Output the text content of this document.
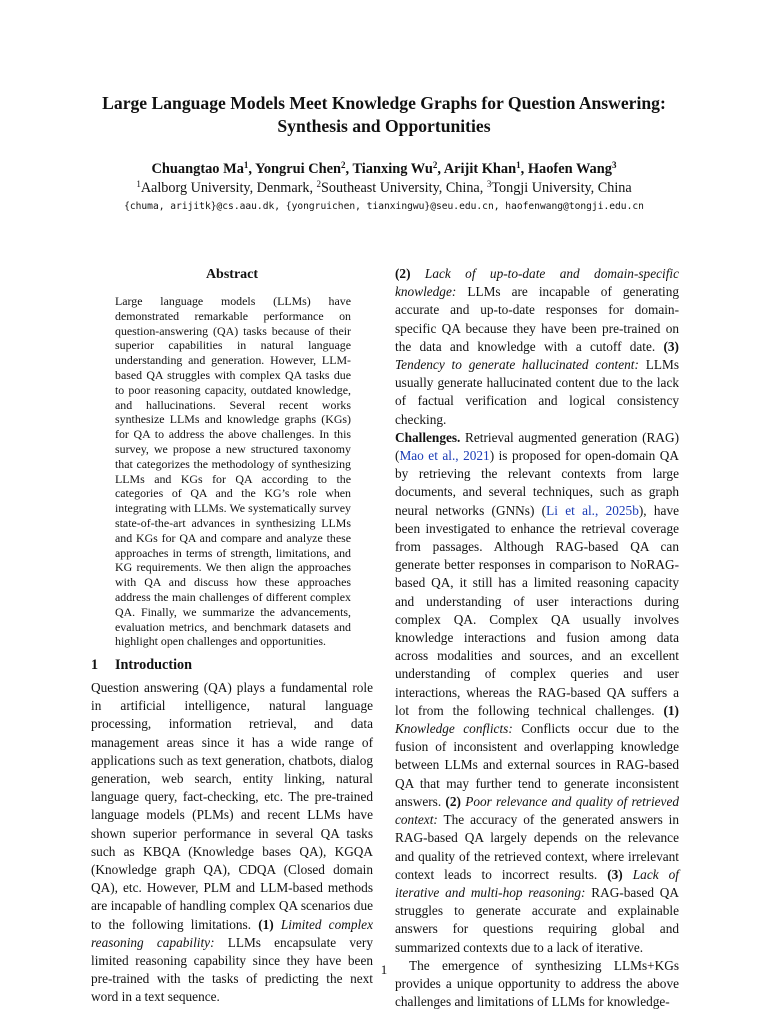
Large Language Models Meet Knowledge Graphs for Question Answering:
Synthesis and Opportunities
Chuangtao Ma$^1$, Yongrui Chen$^2$, Tianxing Wu$^2$, Arijit Khan$^1$, Haofen Wang$^3$
$^1$Aalborg University, Denmark, $^2$Southeast University, China, $^3$Tongji University, China
{chuma, arijitk}@cs.aau.dk, {yongruichen, tianxingwu}@seu.edu.cn, haofenwang@tongji.edu.cn
Abstract
Large language models (LLMs) have demonstrated remarkable performance on question-answering (QA) tasks because of their superior capabilities in natural language understanding and generation. However, LLM-based QA struggles with complex QA tasks due to poor reasoning capacity, outdated knowledge, and hallucinations. Several recent works synthesize LLMs and knowledge graphs (KGs) for QA to address the above challenges. In this survey, we propose a new structured taxonomy that categorizes the methodology of synthesizing LLMs and KGs for QA according to the categories of QA and the KG’s role when integrating with LLMs. We systematically survey state-of-the-art advances in synthesizing LLMs and KGs for QA and compare and analyze these approaches in terms of strength, limitations, and KG requirements. We then align the approaches with QA and discuss how these approaches address the main challenges of different complex QA. Finally, we summarize the advancements, evaluation metrics, and benchmark datasets and highlight open challenges and opportunities.
1 Introduction

Question answering (QA) plays a fundamental role in artificial intelligence, natural language processing, information retrieval, and data management areas since it has a wide range of applications such as text generation, chatbots, dialog generation, web search, entity linking, natural language query, fact-checking, etc. The pre-trained language models (PLMs) and recent LLMs have shown superior performance in several QA tasks such as KBQA (Knowledge bases QA), KGQA (Knowledge graph QA), CDQA (Closed domain QA), etc. However, PLM and LLM-based methods are incapable of handling complex QA scenarios due to the following limitations. (1) Limited complex reasoning capability: LLMs encapsulate very limited reasoning capability since they have been pre-trained with the tasks of predicting the next word in a text sequence.

(2) Lack of up-to-date and domain-specific knowledge: LLMs are incapable of generating accurate and up-to-date responses for domain-specific QA because they have been pre-trained on the data and knowledge with a cutoff date. (3) Tendency to generate hallucinated content: LLMs usually generate hallucinated content due to the lack of factual verification and logical consistency checking.

Challenges. Retrieval augmented generation (RAG) (Mao et al., 2021) is proposed for open-domain QA by retrieving the relevant contexts from large documents, and several techniques, such as graph neural networks (GNNs) (Li et al., 2025b), have been investigated to enhance the retrieval coverage from passages. Although RAG-based QA can generate better responses in comparison to NoRAG-based QA, it still has a limited reasoning capacity and understanding of user interactions during complex QA. Complex QA usually involves knowledge interactions and fusion among data across modalities and sources, and an excellent understanding of complex queries and user interactions, whereas the RAG-based QA suffers a lot from the following technical challenges. (1) Knowledge conflicts: Conflicts occur due to the fusion of inconsistent and overlapping knowledge between LLMs and external sources in RAG-based QA that may further tend to generate inconsistent answers. (2) Poor relevance and quality of retrieved context: The accuracy of the generated answers in RAG-based QA largely depends on the relevance and quality of the retrieved context, where irrelevant context leads to incorrect results. (3) Lack of iterative and multi-hop reasoning: RAG-based QA struggles to generate accurate and explainable answers for questions requiring global and summarized contexts due to a lack of iterative.

The emergence of synthesizing LLMs+KGs provides a unique opportunity to address the above challenges and limitations of LLMs for knowledge-

1
